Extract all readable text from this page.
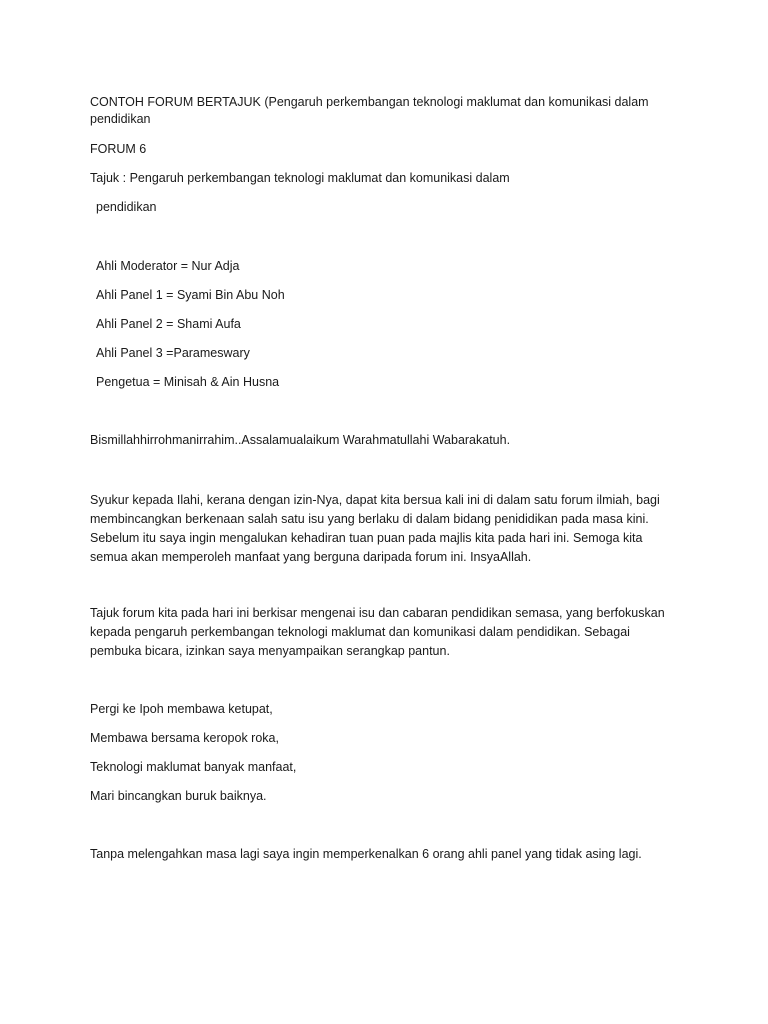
CONTOH FORUM BERTAJUK (Pengaruh perkembangan teknologi maklumat dan komunikasi dalam
pendidikan
FORUM 6
Tajuk : Pengaruh perkembangan teknologi maklumat dan komunikasi dalam
pendidikan
Ahli Moderator = Nur Adja
Ahli Panel 1 = Syami Bin Abu Noh
Ahli Panel 2 = Shami Aufa
Ahli Panel 3 =Parameswary
Pengetua = Minisah & Ain Husna
Bismillahhirrohmanirrahim..Assalamualaikum Warahmatullahi Wabarakatuh.
Syukur kepada Ilahi, kerana dengan izin-Nya, dapat kita bersua kali ini di dalam satu forum ilmiah, bagi
membincangkan berkenaan salah satu isu yang berlaku di dalam bidang penididikan pada masa kini.
Sebelum itu saya ingin mengalukan kehadiran tuan puan pada majlis kita pada hari ini. Semoga kita
semua akan memperoleh manfaat yang berguna daripada forum ini. InsyaAllah.
Tajuk forum kita pada hari ini berkisar mengenai isu dan cabaran pendidikan semasa, yang berfokuskan
kepada pengaruh perkembangan teknologi maklumat dan komunikasi dalam pendidikan. Sebagai
pembuka bicara, izinkan saya menyampaikan serangkap pantun.
Pergi ke Ipoh membawa ketupat,
Membawa bersama keropok roka,
Teknologi maklumat banyak manfaat,
Mari bincangkan buruk baiknya.
Tanpa melengahkan masa lagi saya ingin memperkenalkan 6 orang ahli panel yang tidak asing lagi.
